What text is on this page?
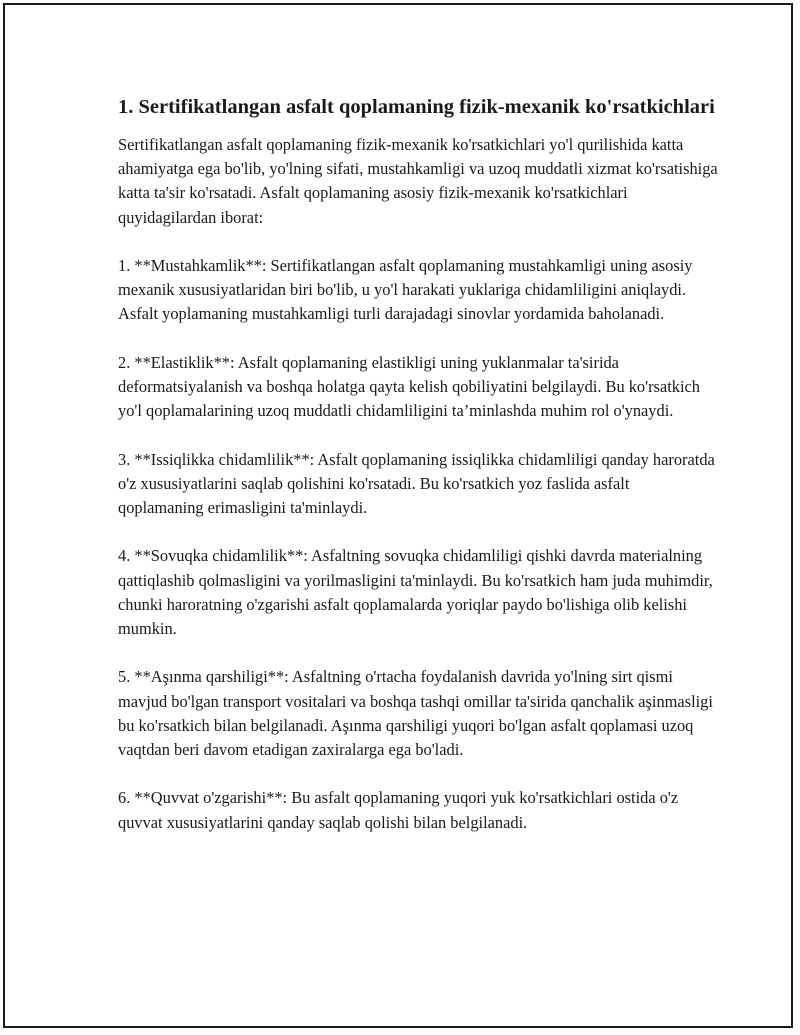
1. Sertifikatlangan asfalt qoplamaning fizik-mexanik ko'rsatkichlari

Sertifikatlangan asfalt qoplamaning fizik-mexanik ko'rsatkichlari yo'l qurilishida katta ahamiyatga ega bo'lib, yo'lning sifati, mustahkamligi va uzoq muddatli xizmat ko'rsatishiga katta ta'sir ko'rsatadi. Asfalt qoplamaning asosiy fizik-mexanik ko'rsatkichlari quyidagilardan iborat:

1. **Mustahkamlik**: Sertifikatlangan asfalt qoplamaning mustahkamligi uning asosiy mexanik xususiyatlaridan biri bo'lib, u yo'l harakati yuklariga chidamliligini aniqlaydi. Asfalt yoplamaning mustahkamligi turli darajadagi sinovlar yordamida baholanadi.

2. **Elastiklik**: Asfalt qoplamaning elastikligi uning yuklanmalar ta'sirida deformatsiyalanish va boshqa holatga qayta kelish qobiliyatini belgilaydi. Bu ko'rsatkich yo'l qoplamalarining uzoq muddatli chidamliligini ta’minlashda muhim rol o'ynaydi.

3. **Issiqlikka chidamlilik**: Asfalt qoplamaning issiqlikka chidamliligi qanday haroratda o'z xususiyatlarini saqlab qolishini ko'rsatadi. Bu ko'rsatkich yoz faslida asfalt qoplamaning erimasligini ta'minlaydi.

4. **Sovuqka chidamlilik**: Asfaltning sovuqka chidamliligi qishki davrda materialning qattiqlashib qolmasligini va yorilmasligini ta'minlaydi. Bu ko'rsatkich ham juda muhimdir, chunki haroratning o'zgarishi asfalt qoplamalarda yoriqlar paydo bo'lishiga olib kelishi mumkin.

5. **Aşınma qarshiligi**: Asfaltning o'rtacha foydalanish davrida yo'lning sirt qismi mavjud bo'lgan transport vositalari va boshqa tashqi omillar ta'sirida qanchalik aşinmasligi bu ko'rsatkich bilan belgilanadi. Aşınma qarshiligi yuqori bo'lgan asfalt qoplamasi uzoq vaqtdan beri davom etadigan zaxiralarga ega bo'ladi.

6. **Quvvat o'zgarishi**: Bu asfalt qoplamaning yuqori yuk ko'rsatkichlari ostida o'z quvvat xususiyatlarini qanday saqlab qolishi bilan belgilanadi.
